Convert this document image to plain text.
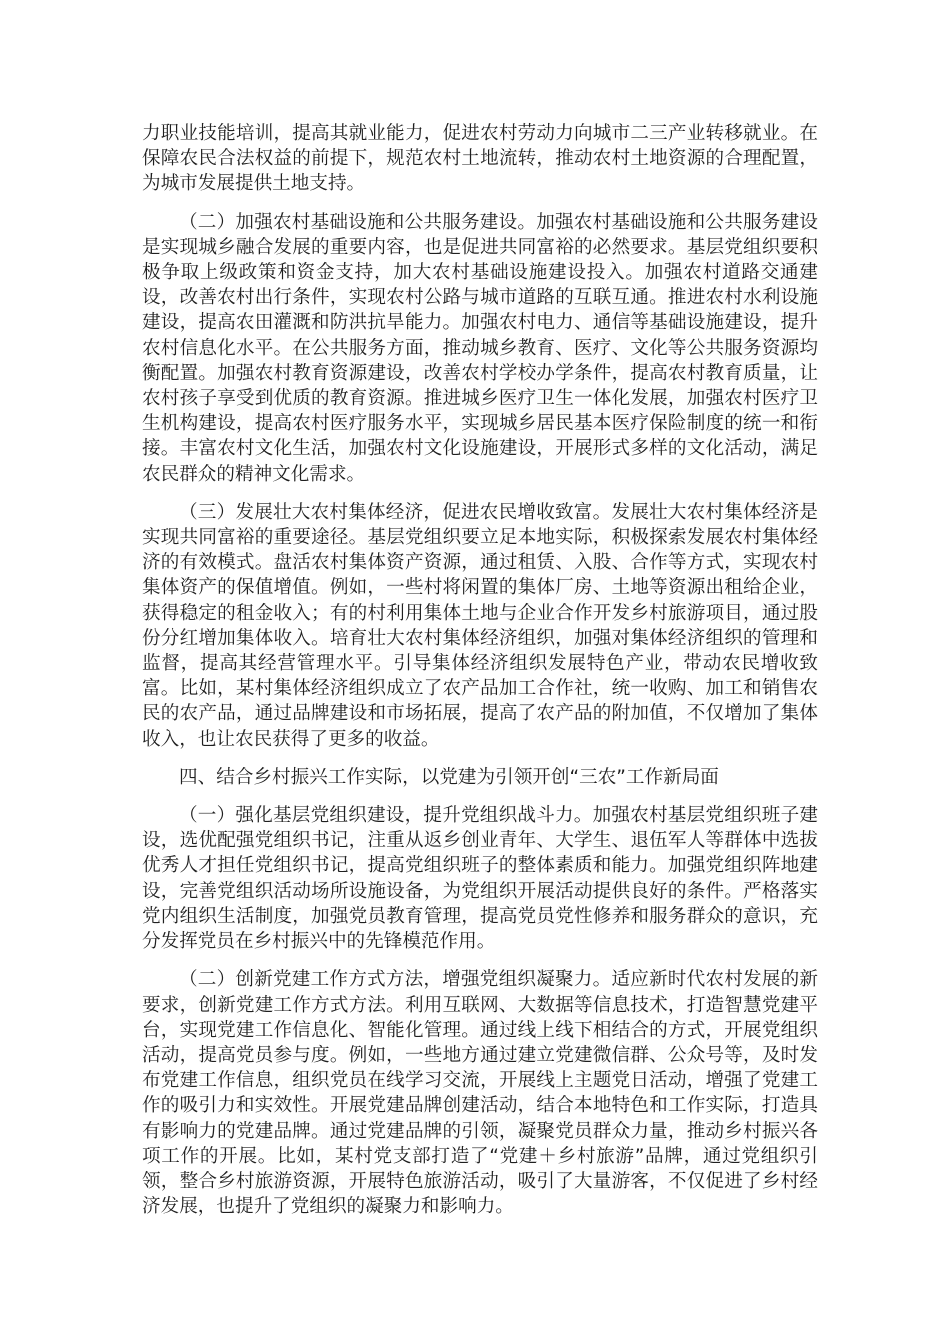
力职业技能培训，提高其就业能力，促进农村劳动力向城市二三产业转移就业。在保障农民合法权益的前提下，规范农村土地流转，推动农村土地资源的合理配置，为城市发展提供土地支持。

（二）加强农村基础设施和公共服务建设。加强农村基础设施和公共服务建设是实现城乡融合发展的重要内容，也是促进共同富裕的必然要求。基层党组织要积极争取上级政策和资金支持，加大农村基础设施建设投入。加强农村道路交通建设，改善农村出行条件，实现农村公路与城市道路的互联互通。推进农村水利设施建设，提高农田灌溉和防洪抗旱能力。加强农村电力、通信等基础设施建设，提升农村信息化水平。在公共服务方面，推动城乡教育、医疗、文化等公共服务资源均衡配置。加强农村教育资源建设，改善农村学校办学条件，提高农村教育质量，让农村孩子享受到优质的教育资源。推进城乡医疗卫生一体化发展，加强农村医疗卫生机构建设，提高农村医疗服务水平，实现城乡居民基本医疗保险制度的统一和衔接。丰富农村文化生活，加强农村文化设施建设，开展形式多样的文化活动，满足农民群众的精神文化需求。

（三）发展壮大农村集体经济，促进农民增收致富。发展壮大农村集体经济是实现共同富裕的重要途径。基层党组织要立足本地实际，积极探索发展农村集体经济的有效模式。盘活农村集体资产资源，通过租赁、入股、合作等方式，实现农村集体资产的保值增值。例如，一些村将闲置的集体厂房、土地等资源出租给企业，获得稳定的租金收入；有的村利用集体土地与企业合作开发乡村旅游项目，通过股份分红增加集体收入。培育壮大农村集体经济组织，加强对集体经济组织的管理和监督，提高其经营管理水平。引导集体经济组织发展特色产业，带动农民增收致富。比如，某村集体经济组织成立了农产品加工合作社，统一收购、加工和销售农民的农产品，通过品牌建设和市场拓展，提高了农产品的附加值，不仅增加了集体收入，也让农民获得了更多的收益。

四、结合乡村振兴工作实际，以党建为引领开创“三农”工作新局面

（一）强化基层党组织建设，提升党组织战斗力。加强农村基层党组织班子建设，选优配强党组织书记，注重从返乡创业青年、大学生、退伍军人等群体中选拔优秀人才担任党组织书记，提高党组织班子的整体素质和能力。加强党组织阵地建设，完善党组织活动场所设施设备，为党组织开展活动提供良好的条件。严格落实党内组织生活制度，加强党员教育管理，提高党员党性修养和服务群众的意识，充分发挥党员在乡村振兴中的先锋模范作用。

（二）创新党建工作方式方法，增强党组织凝聚力。适应新时代农村发展的新要求，创新党建工作方式方法。利用互联网、大数据等信息技术，打造智慧党建平台，实现党建工作信息化、智能化管理。通过线上线下相结合的方式，开展党组织活动，提高党员参与度。例如，一些地方通过建立党建微信群、公众号等，及时发布党建工作信息，组织党员在线学习交流，开展线上主题党日活动，增强了党建工作的吸引力和实效性。开展党建品牌创建活动，结合本地特色和工作实际，打造具有影响力的党建品牌。通过党建品牌的引领，凝聚党员群众力量，推动乡村振兴各项工作的开展。比如，某村党支部打造了“党建＋乡村旅游”品牌，通过党组织引领，整合乡村旅游资源，开展特色旅游活动，吸引了大量游客，不仅促进了乡村经济发展，也提升了党组织的凝聚力和影响力。
